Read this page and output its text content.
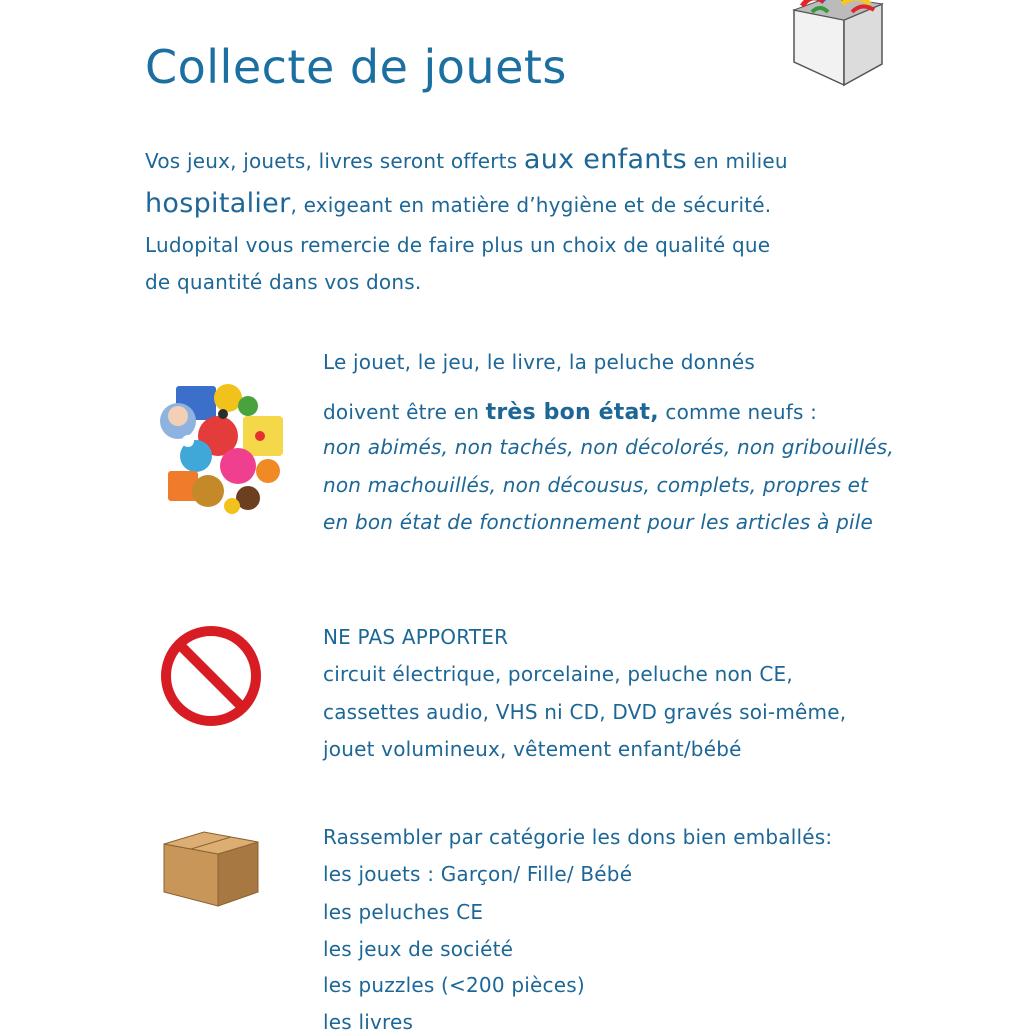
Collecte de jouets
Vos jeux, jouets, livres seront offerts aux enfants en milieu
hospitalier, exigeant en matière d’hygiène et de sécurité.
Ludopital vous remercie de faire plus un choix de qualité que
de quantité dans vos dons.
Le jouet, le jeu, le livre, la peluche donnés
doivent être en très bon état, comme neufs :
non abimés, non tachés, non décolorés, non gribouillés,
non machouillés, non décousus, complets, propres et
en bon état de fonctionnement pour les articles à pile
NE PAS APPORTER
circuit électrique, porcelaine, peluche non CE,
cassettes audio, VHS ni CD, DVD gravés soi-même,
jouet volumineux, vêtement enfant/bébé
Rassembler par catégorie les dons bien emballés:
les jouets : Garçon/ Fille/ Bébé
les peluches CE
les jeux de société
les puzzles (<200 pièces)
les livres
